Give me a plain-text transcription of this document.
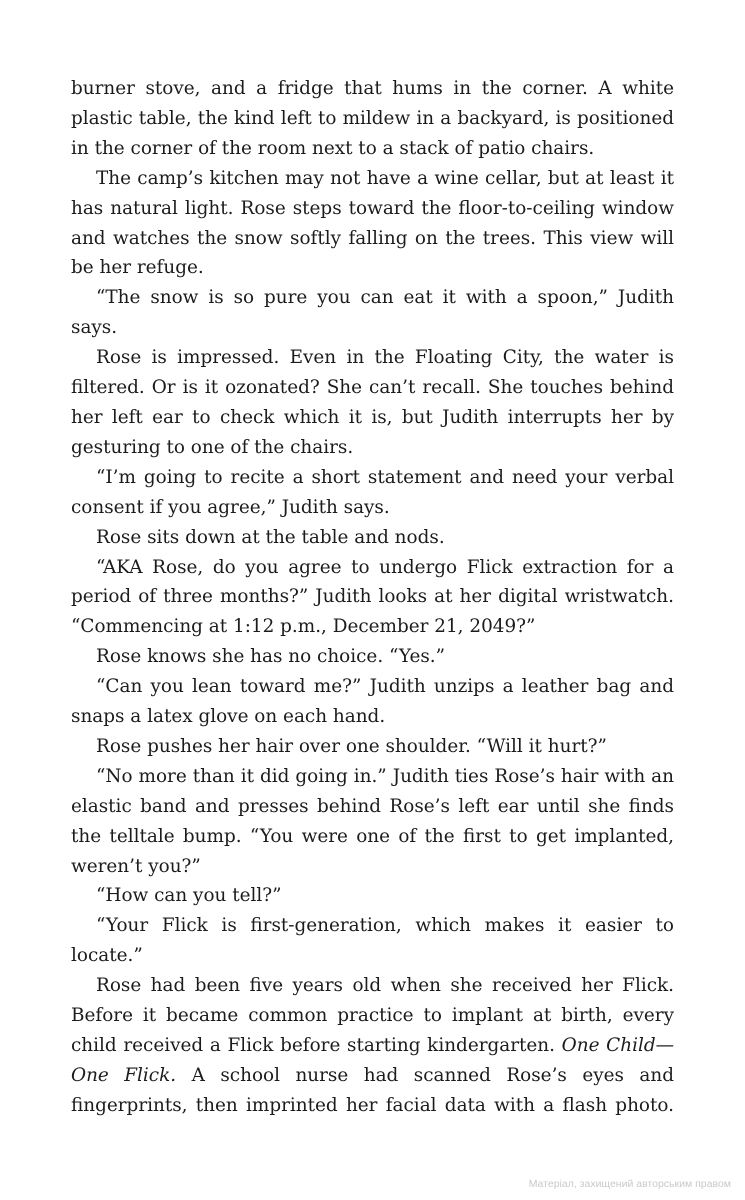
burner stove, and a fridge that hums in the corner. A white plastic table, the kind left to mildew in a backyard, is positioned in the corner of the room next to a stack of patio chairs.

The camp’s kitchen may not have a wine cellar, but at least it has natural light. Rose steps toward the floor-to-ceiling window and watches the snow softly falling on the trees. This view will be her refuge.

“The snow is so pure you can eat it with a spoon,” Judith says.

Rose is impressed. Even in the Floating City, the water is filtered. Or is it ozonated? She can’t recall. She touches behind her left ear to check which it is, but Judith interrupts her by gesturing to one of the chairs.

“I’m going to recite a short statement and need your verbal consent if you agree,” Judith says.

Rose sits down at the table and nods.

“AKA Rose, do you agree to undergo Flick extraction for a period of three months?” Judith looks at her digital wristwatch. “Commencing at 1:12 p.m., December 21, 2049?”

Rose knows she has no choice. “Yes.”

“Can you lean toward me?” Judith unzips a leather bag and snaps a latex glove on each hand.

Rose pushes her hair over one shoulder. “Will it hurt?”

“No more than it did going in.” Judith ties Rose’s hair with an elastic band and presses behind Rose’s left ear until she finds the telltale bump. “You were one of the first to get implanted, weren’t you?”

“How can you tell?”

“Your Flick is first-generation, which makes it easier to locate.”

Rose had been five years old when she received her Flick. Before it became common practice to implant at birth, every child received a Flick before starting kindergarten. One Child—One Flick. A school nurse had scanned Rose’s eyes and fingerprints, then imprinted her facial data with a flash photo.

Матеріал, захищений авторським правом
